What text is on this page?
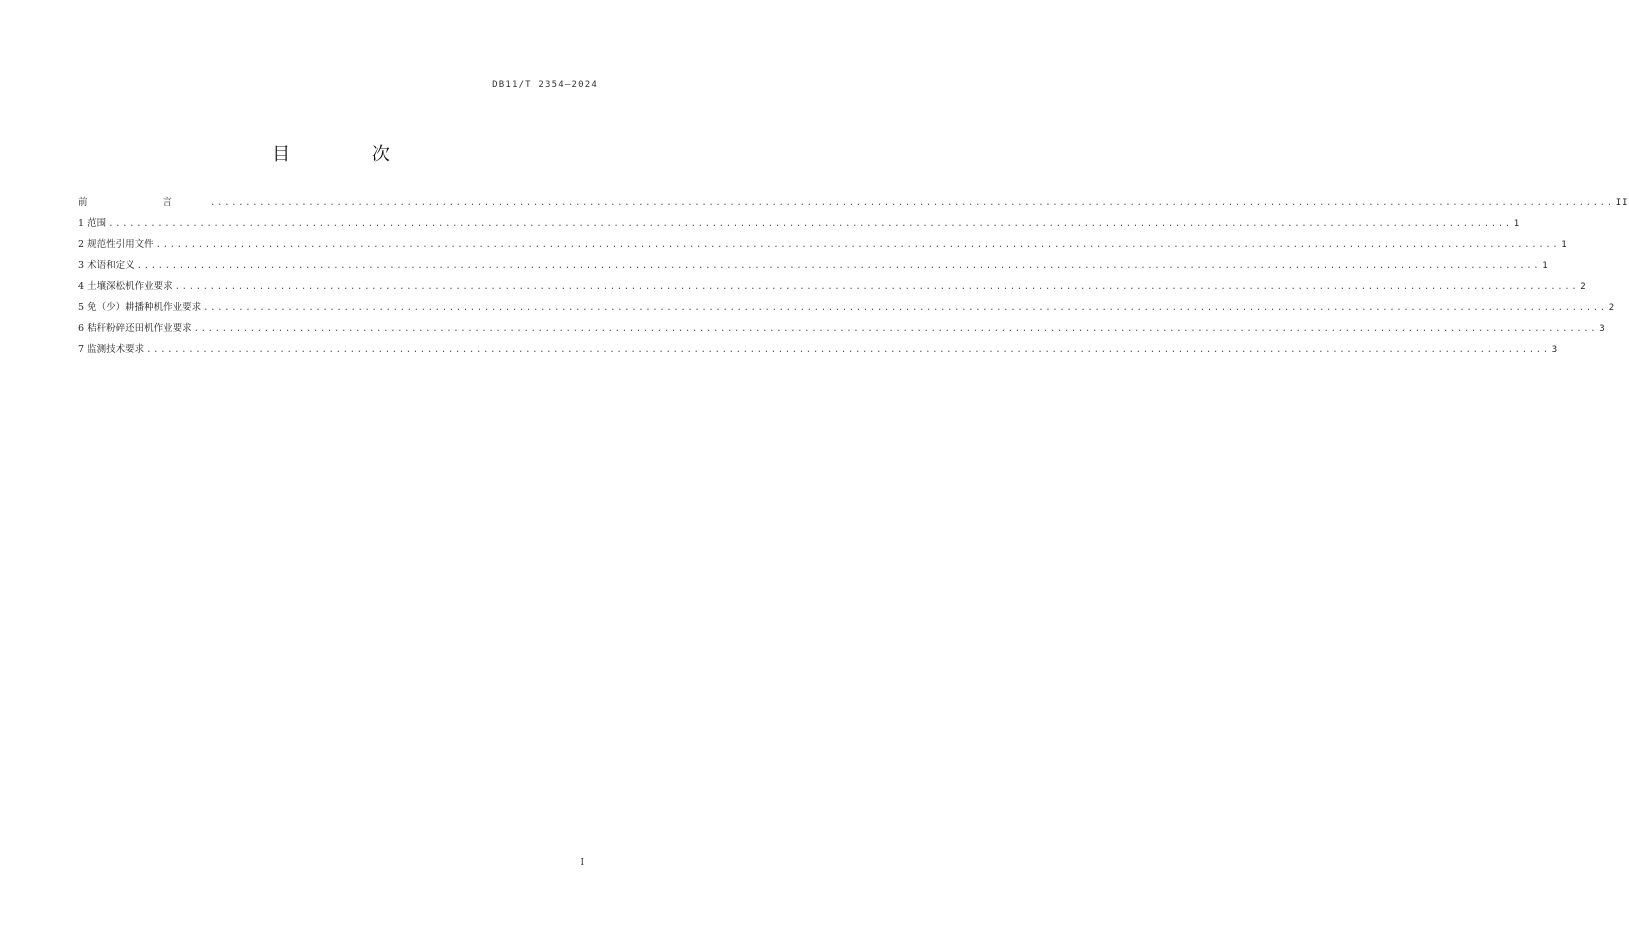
DB11/T 2354—2024
目 次
前 言 ........................................................................................................................................................................................................ II
1 范围 ........................................................................................................................................................................................................ 1
2 规范性引用文件 ........................................................................................................................................................................................................ 1
3 术语和定义 ........................................................................................................................................................................................................ 1
4 土壤深松机作业要求 ........................................................................................................................................................................................................ 2
5 免（少）耕播种机作业要求 ........................................................................................................................................................................................................ 2
6 秸秆粉碎还田机作业要求 ........................................................................................................................................................................................................ 3
7 监测技术要求 ........................................................................................................................................................................................................ 3
I
